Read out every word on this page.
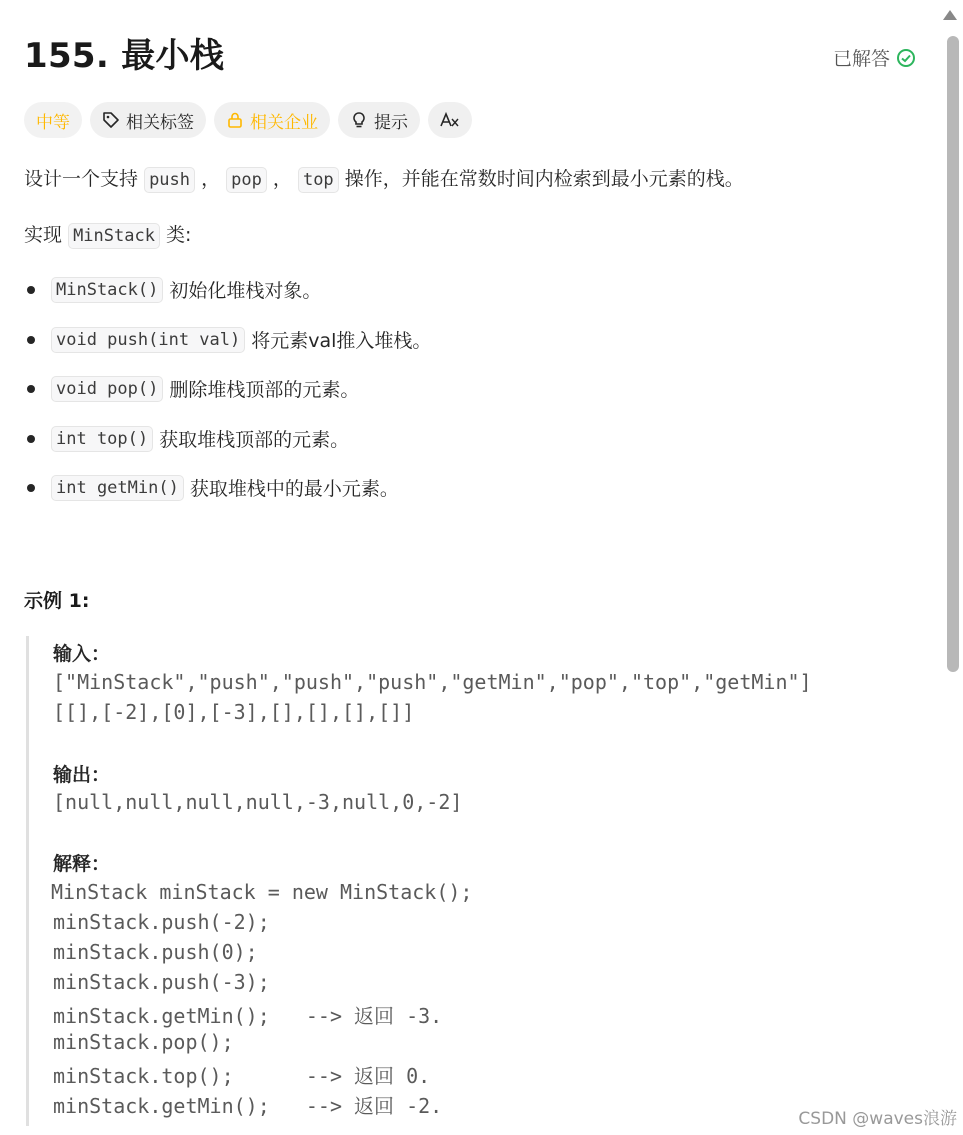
155. 最小栈	已解答
中等	相关标签	相关企业	提示
设计一个支持 push ， pop ， top 操作，并能在常数时间内检索到最小元素的栈。
实现 MinStack 类:
MinStack() 初始化堆栈对象。
void push(int val) 将元素val推入堆栈。
void pop() 删除堆栈顶部的元素。
int top() 获取堆栈顶部的元素。
int getMin() 获取堆栈中的最小元素。
示例 1:
输入：
["MinStack","push","push","push","getMin","pop","top","getMin"]
[[],[-2],[0],[-3],[],[],[],[]]
输出：
[null,null,null,null,-3,null,0,-2]
解释：
MinStack minStack = new MinStack();
minStack.push(-2);
minStack.push(0);
minStack.push(-3);
minStack.getMin();   --> 返回 -3.
minStack.pop();
minStack.top();      --> 返回 0.
minStack.getMin();   --> 返回 -2.
CSDN @waves浪游
